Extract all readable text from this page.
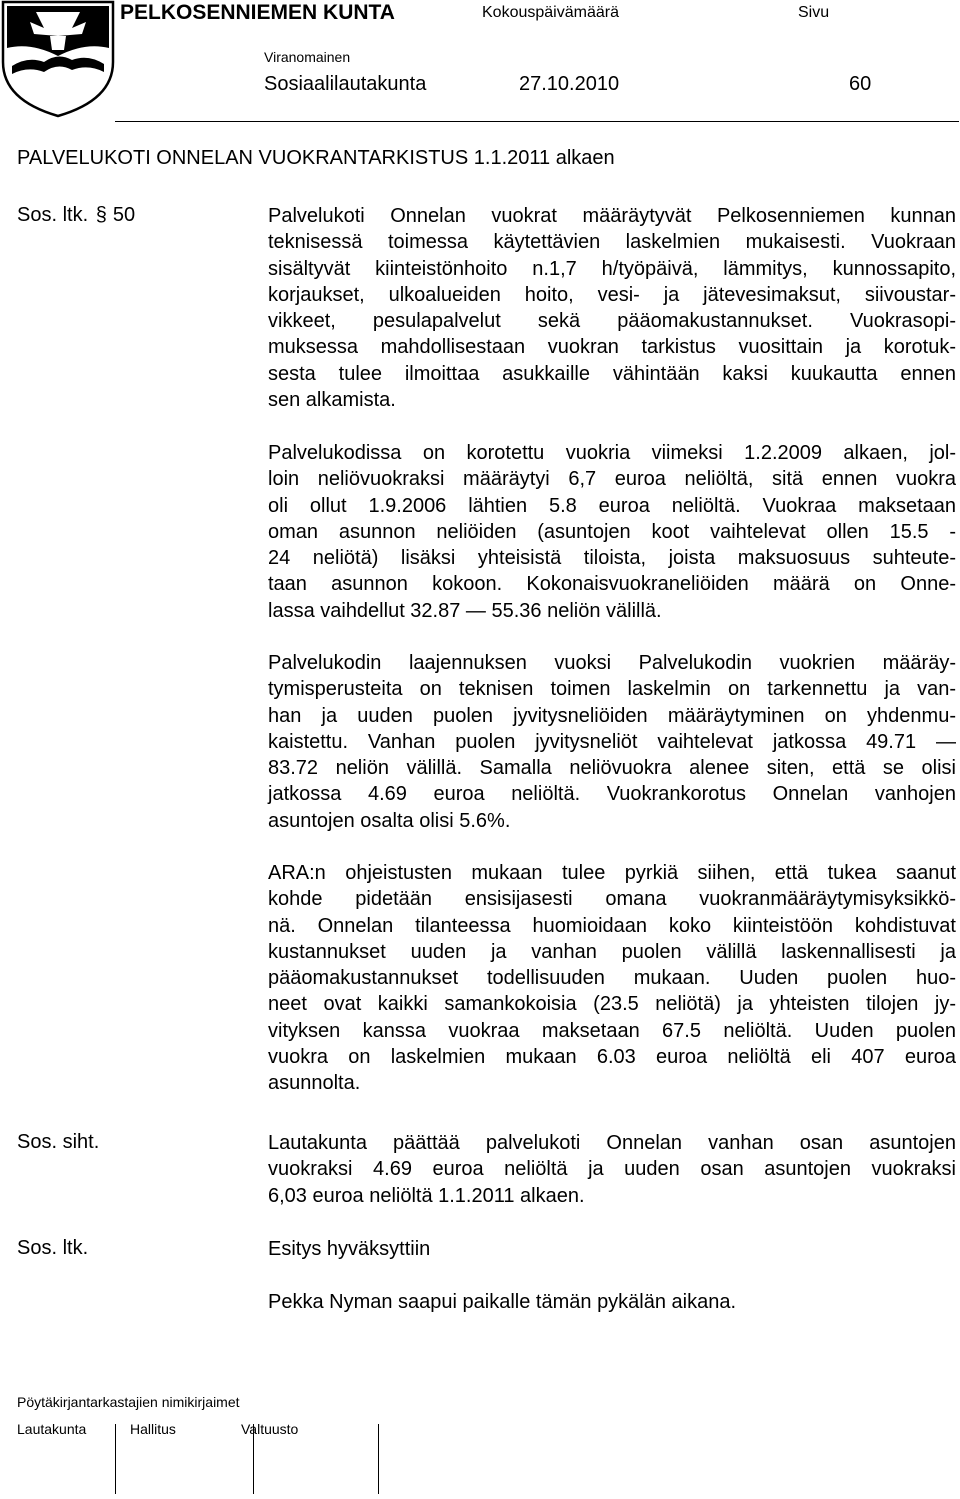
PELKOSENNIEMEN KUNTA	Kokouspäivämäärä	Sivu
Viranomainen
Sosiaalilautakunta	27.10.2010	60
PALVELUKOTI ONNELAN VUOKRANTARKISTUS 1.1.2011 alkaen
Sos. ltk. § 50
Sos. siht.
Sos. ltk.
Palvelukoti Onnelan vuokrat määräytyvät Pelkosenniemen kunnan
teknisessä toimessa käytettävien laskelmien mukaisesti. Vuokraan
sisältyvät kiinteistönhoito n.1,7 h/työpäivä, lämmitys, kunnossapito,
korjaukset, ulkoalueiden hoito, vesi- ja jätevesimaksut, siivoustar-
vikkeet, pesulapalvelut sekä pääomakustannukset. Vuokrasopi-
muksessa mahdollisestaan vuokran tarkistus vuosittain ja korotuk-
sesta tulee ilmoittaa asukkaille vähintään kaksi kuukautta ennen
sen alkamista.
Palvelukodissa on korotettu vuokria viimeksi 1.2.2009 alkaen, jol-
loin neliövuokraksi määräytyi 6,7 euroa neliöltä, sitä ennen vuokra
oli ollut 1.9.2006 lähtien 5.8 euroa neliöltä. Vuokraa maksetaan
oman asunnon neliöiden (asuntojen koot vaihtelevat ollen 15.5 -
24 neliötä) lisäksi yhteisistä tiloista, joista maksuosuus suhteute-
taan asunnon kokoon. Kokonaisvuokraneliöiden määrä on Onne-
lassa vaihdellut 32.87 — 55.36 neliön välillä.
Palvelukodin laajennuksen vuoksi Palvelukodin vuokrien määräy-
tymisperusteita on teknisen toimen laskelmin on tarkennettu ja van-
han ja uuden puolen jyvitysneliöiden määräytyminen on yhdenmu-
kaistettu. Vanhan puolen jyvitysneliöt vaihtelevat jatkossa 49.71 —
83.72 neliön välillä. Samalla neliövuokra alenee siten, että se olisi
jatkossa 4.69 euroa neliöltä. Vuokrankorotus Onnelan vanhojen
asuntojen osalta olisi 5.6%.
ARA:n ohjeistusten mukaan tulee pyrkiä siihen, että tukea saanut
kohde pidetään ensisijasesti omana vuokranmääräytymisyksikkö-
nä. Onnelan tilanteessa huomioidaan koko kiinteistöön kohdistuvat
kustannukset uuden ja vanhan puolen välillä laskennallisesti ja
pääomakustannukset todellisuuden mukaan. Uuden puolen huo-
neet ovat kaikki samankokoisia (23.5 neliötä) ja yhteisten tilojen jy-
vityksen kanssa vuokraa maksetaan 67.5 neliöltä. Uuden puolen
vuokra on laskelmien mukaan 6.03 euroa neliöltä eli 407 euroa
asunnolta.
Lautakunta päättää palvelukoti Onnelan vanhan osan asuntojen
vuokraksi 4.69 euroa neliöltä ja uuden osan asuntojen vuokraksi
6,03 euroa neliöltä 1.1.2011 alkaen.
Esitys hyväksyttiin
Pekka Nyman saapui paikalle tämän pykälän aikana.
Pöytäkirjantarkastajien nimikirjaimet
Lautakunta	Hallitus	Valtuusto
